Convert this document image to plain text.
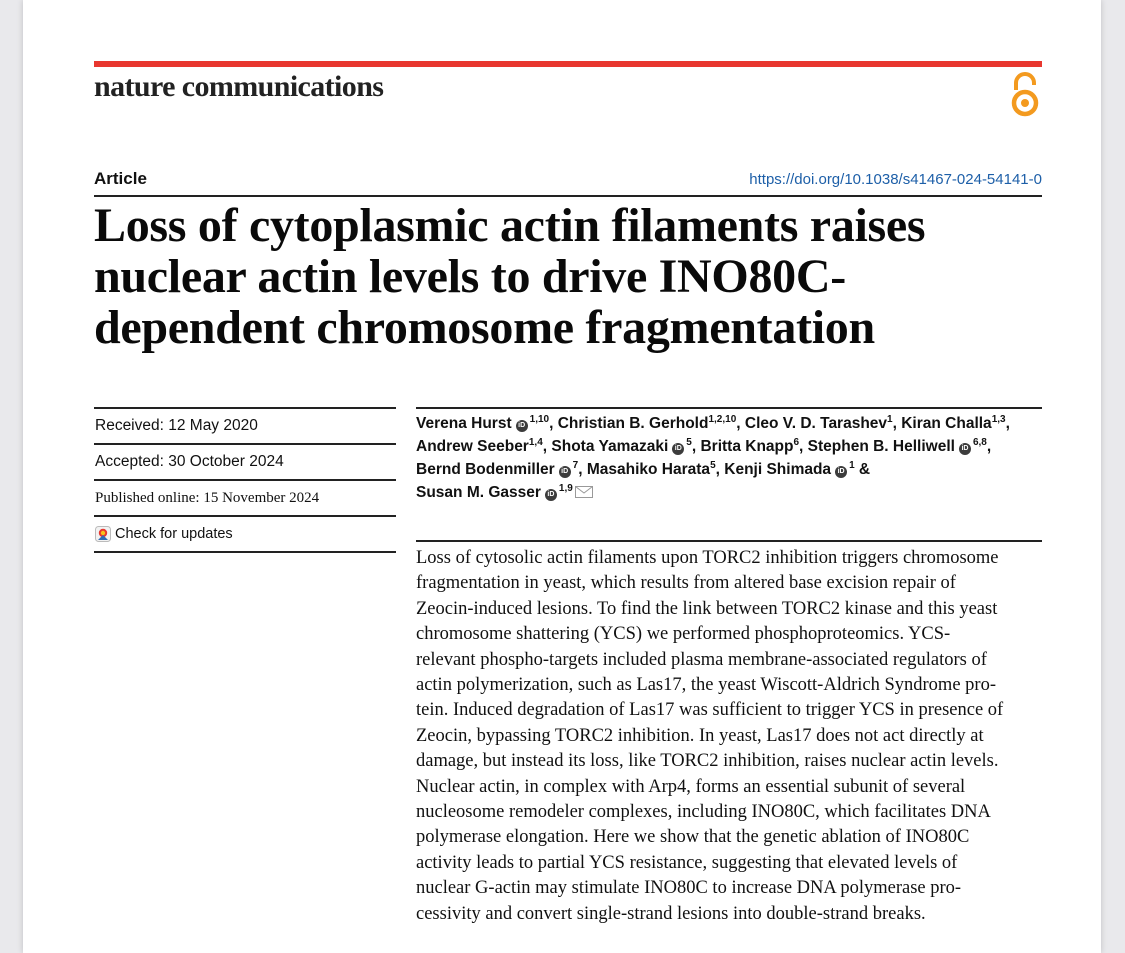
nature communications
Article	https://doi.org/10.1038/s41467-024-54141-0
Loss of cytoplasmic actin filaments raises nuclear actin levels to drive INO80C-dependent chromosome fragmentation
Received: 12 May 2020
Accepted: 30 October 2024
Published online: 15 November 2024
Check for updates
Verena Hurst iD$^{1,10}$, Christian B. Gerhold$^{1,2,10}$, Cleo V. D. Tarashev$^1$, Kiran Challa$^{1,3}$,
Andrew Seeber$^{1,4}$, Shota Yamazaki $iD^5$, Britta Knapp$^6$, Stephen B. Helliwell iD$^{6,8}$,
Bernd Bodenmiller $iD^7$, Masahiko Harata$^5$, Kenji Shimada $iD^1$ &
Susan M. Gasser iD$^{1,9}$

Loss of cytosolic actin filaments upon TORC2 inhibition triggers chromosome
fragmentation in yeast, which results from altered base excision repair of
Zeocin-induced lesions. To find the link between TORC2 kinase and this yeast
chromosome shattering (YCS) we performed phosphoproteomics. YCS-
relevant phospho-targets included plasma membrane-associated regulators of
actin polymerization, such as Las17, the yeast Wiscott-Aldrich Syndrome pro-
tein. Induced degradation of Las17 was sufficient to trigger YCS in presence of
Zeocin, bypassing TORC2 inhibition. In yeast, Las17 does not act directly at
damage, but instead its loss, like TORC2 inhibition, raises nuclear actin levels.
Nuclear actin, in complex with Arp4, forms an essential subunit of several
nucleosome remodeler complexes, including INO80C, which facilitates DNA
polymerase elongation. Here we show that the genetic ablation of INO80C
activity leads to partial YCS resistance, suggesting that elevated levels of
nuclear G-actin may stimulate INO80C to increase DNA polymerase pro-
cessivity and convert single-strand lesions into double-strand breaks.
